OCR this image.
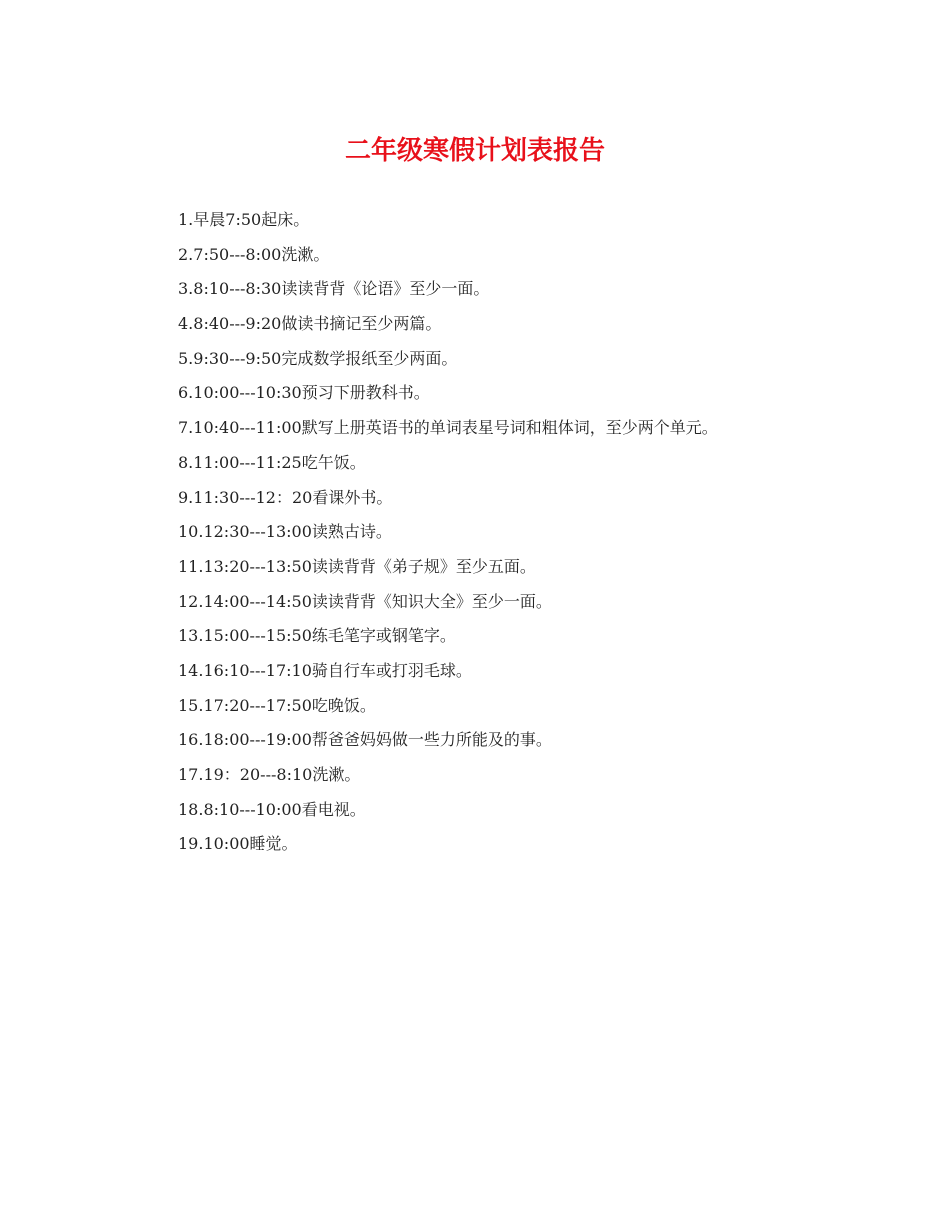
二年级寒假计划表报告
1.早晨7:50起床。
2.7:50---8:00洗漱。
3.8:10---8:30读读背背《论语》至少一面。
4.8:40---9:20做读书摘记至少两篇。
5.9:30---9:50完成数学报纸至少两面。
6.10:00---10:30预习下册教科书。
7.10:40---11:00默写上册英语书的单词表星号词和粗体词，至少两个单元。
8.11:00---11:25吃午饭。
9.11:30---12：20看课外书。
10.12:30---13:00读熟古诗。
11.13:20---13:50读读背背《弟子规》至少五面。
12.14:00---14:50读读背背《知识大全》至少一面。
13.15:00---15:50练毛笔字或钢笔字。
14.16:10---17:10骑自行车或打羽毛球。
15.17:20---17:50吃晚饭。
16.18:00---19:00帮爸爸妈妈做一些力所能及的事。
17.19：20---8:10洗漱。
18.8:10---10:00看电视。
19.10:00睡觉。
